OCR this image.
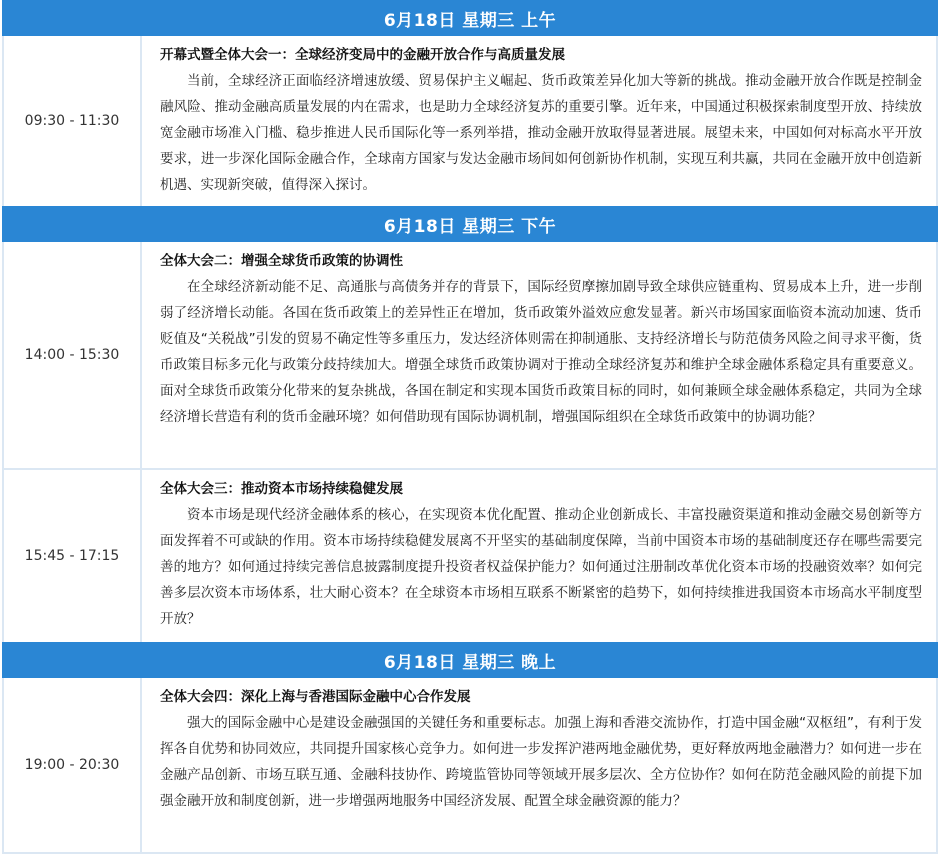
6月18日 星期三 上午
09:30 - 11:30

开幕式暨全体大会一：全球经济变局中的金融开放合作与高质量发展

当前，全球经济正面临经济增速放缓、贸易保护主义崛起、货币政策差异化加大等新的挑战。推动金融开放合作既是控制金融风险、推动金融高质量发展的内在需求，也是助力全球经济复苏的重要引擎。近年来，中国通过积极探索制度型开放、持续放宽金融市场准入门槛、稳步推进人民币国际化等一系列举措，推动金融开放取得显著进展。展望未来，中国如何对标高水平开放要求，进一步深化国际金融合作，全球南方国家与发达金融市场间如何创新协作机制，实现互利共赢，共同在金融开放中创造新机遇、实现新突破，值得深入探讨。

6月18日 星期三 下午
14:00 - 15:30

全体大会二：增强全球货币政策的协调性

在全球经济新动能不足、高通胀与高债务并存的背景下，国际经贸摩擦加剧导致全球供应链重构、贸易成本上升，进一步削弱了经济增长动能。各国在货币政策上的差异性正在增加，货币政策外溢效应愈发显著。新兴市场国家面临资本流动加速、货币贬值及“关税战”引发的贸易不确定性等多重压力，发达经济体则需在抑制通胀、支持经济增长与防范债务风险之间寻求平衡，货币政策目标多元化与政策分歧持续加大。增强全球货币政策协调对于推动全球经济复苏和维护全球金融体系稳定具有重要意义。面对全球货币政策分化带来的复杂挑战，各国在制定和实现本国货币政策目标的同时，如何兼顾全球金融体系稳定，共同为全球经济增长营造有利的货币金融环境？如何借助现有国际协调机制，增强国际组织在全球货币政策中的协调功能？

15:45 - 17:15

全体大会三：推动资本市场持续稳健发展

资本市场是现代经济金融体系的核心，在实现资本优化配置、推动企业创新成长、丰富投融资渠道和推动金融交易创新等方面发挥着不可或缺的作用。资本市场持续稳健发展离不开坚实的基础制度保障，当前中国资本市场的基础制度还存在哪些需要完善的地方？如何通过持续完善信息披露制度提升投资者权益保护能力？如何通过注册制改革优化资本市场的投融资效率？如何完善多层次资本市场体系，壮大耐心资本？在全球资本市场相互联系不断紧密的趋势下，如何持续推进我国资本市场高水平制度型开放？

6月18日 星期三 晚上
19:00 - 20:30

全体大会四：深化上海与香港国际金融中心合作发展

强大的国际金融中心是建设金融强国的关键任务和重要标志。加强上海和香港交流协作，打造中国金融“双枢纽”，有利于发挥各自优势和协同效应，共同提升国家核心竞争力。如何进一步发挥沪港两地金融优势，更好释放两地金融潜力？如何进一步在金融产品创新、市场互联互通、金融科技协作、跨境监管协同等领域开展多层次、全方位协作？如何在防范金融风险的前提下加强金融开放和制度创新，进一步增强两地服务中国经济发展、配置全球金融资源的能力？
